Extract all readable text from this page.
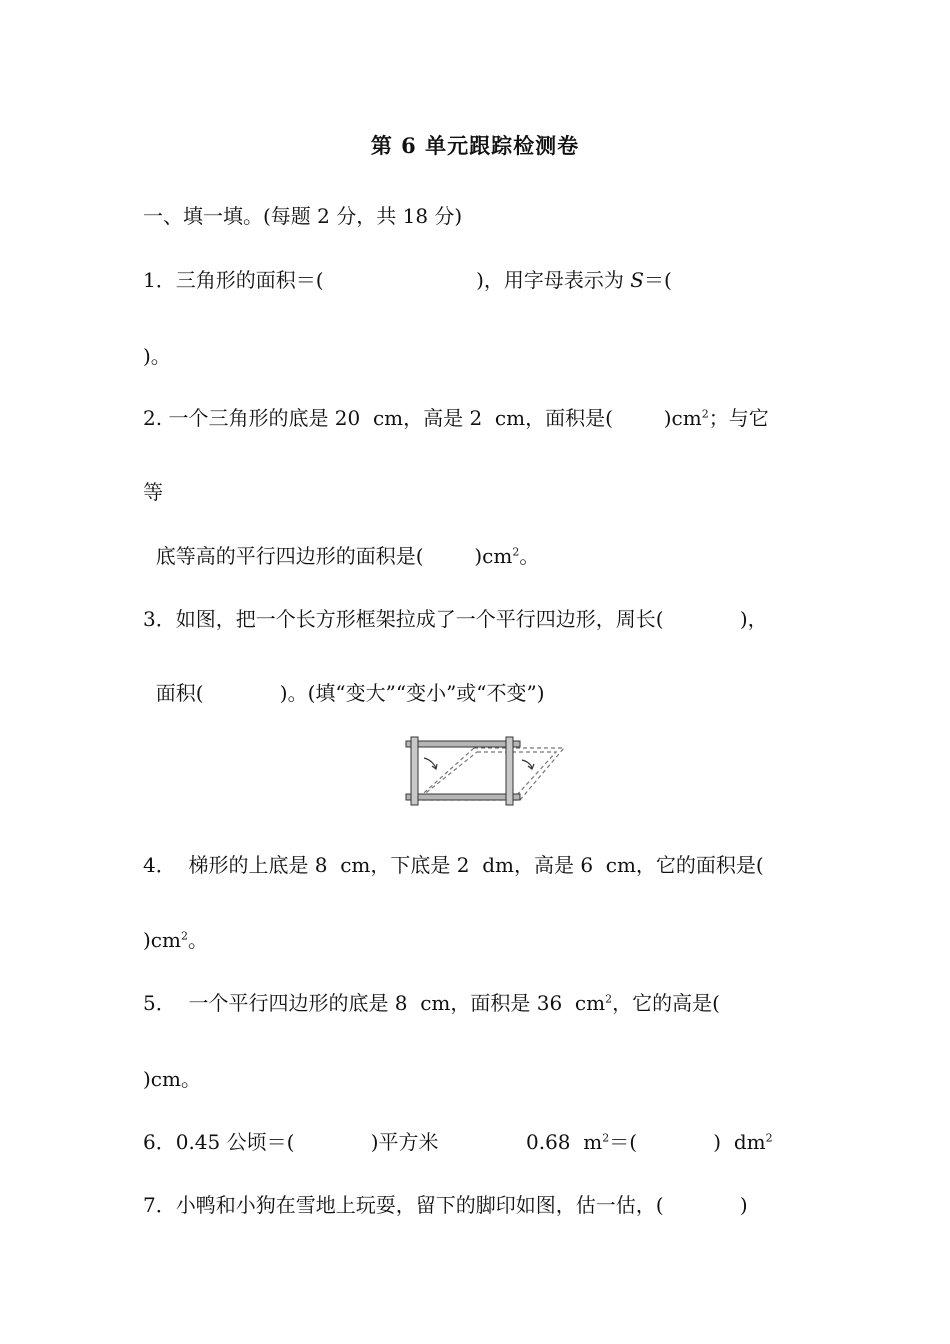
第 6 单元跟踪检测卷
一、填一填。(每题 2 分，共 18 分)
1．三角形的面积＝(                        )，用字母表示为 S＝(
)。
2. 一个三角形的底是 20  cm，高是 2  cm，面积是(        )$cm^2$；与它
等
底等高的平行四边形的面积是(        )$cm^2$。
3．如图，把一个长方形框架拉成了一个平行四边形，周长(            )，
面积(            )。(填“变大”“变小”或“不变”)
4．  梯形的上底是 8  cm，下底是 2  dm，高是 6  cm，它的面积是(
)$cm^2$。
5．  一个平行四边形的底是 8  cm，面积是 36  $cm^2$，它的高是(
)cm。
6．0.45 公顷＝(            )平方米	0.68  $m^2=$(            )  $dm^2$
7．小鸭和小狗在雪地上玩耍，留下的脚印如图，估一估，(            )
